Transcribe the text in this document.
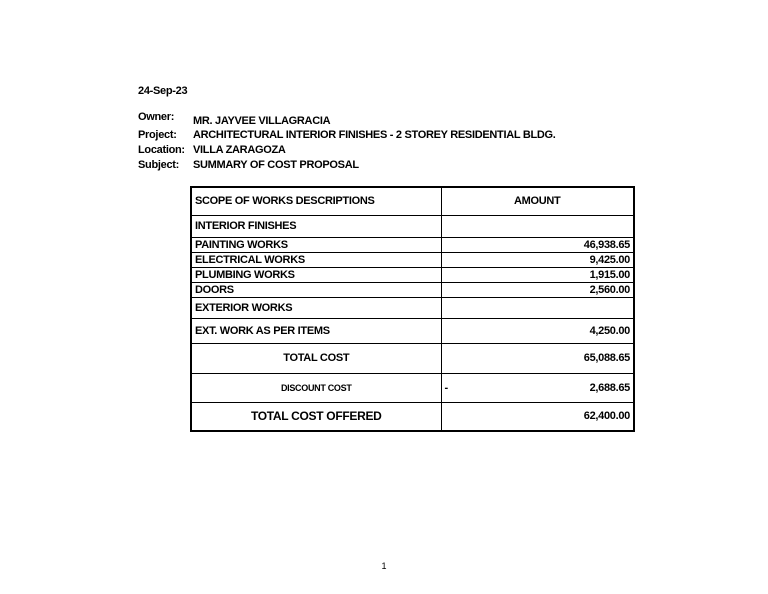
24-Sep-23
Owner: MR. JAYVEE VILLAGRACIA
Project: ARCHITECTURAL INTERIOR FINISHES - 2 STOREY RESIDENTIAL BLDG.
Location: VILLA ZARAGOZA
Subject: SUMMARY OF COST PROPOSAL
SCOPE OF WORKS DESCRIPTIONS	AMOUNT
INTERIOR FINISHES	
PAINTING WORKS	46,938.65
ELECTRICAL WORKS	9,425.00
PLUMBING WORKS	1,915.00
DOORS	2,560.00
EXTERIOR WORKS	
EXT. WORK AS PER ITEMS	4,250.00
TOTAL COST	65,088.65
DISCOUNT COST	- 2,688.65

TOTAL COST OFFERED	62,400.00
1
